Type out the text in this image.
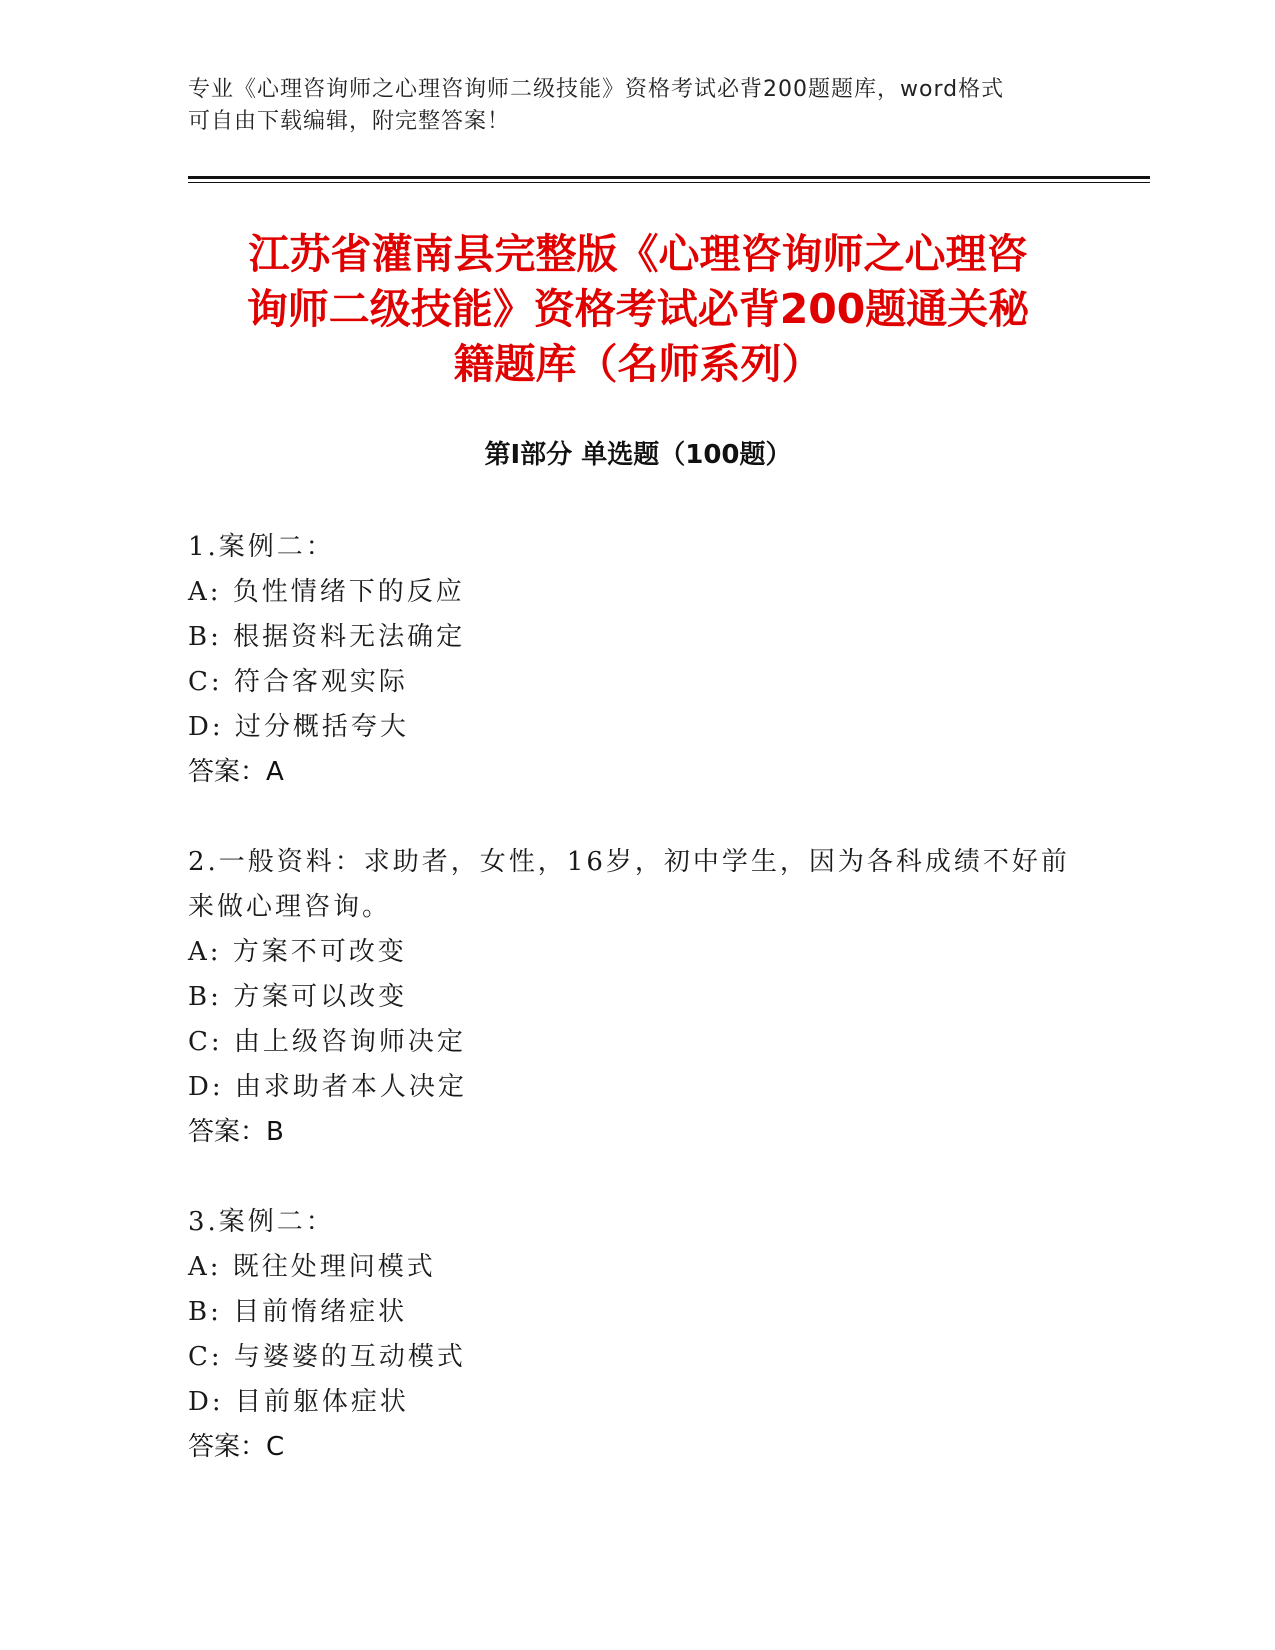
专业《心理咨询师之心理咨询师二级技能》资格考试必背200题题库，word格式
可自由下载编辑，附完整答案！
江苏省灌南县完整版《心理咨询师之心理咨
询师二级技能》资格考试必背200题通关秘
籍题库（名师系列）
第Ⅰ部分 单选题（100题）
1.案例二：
A: 负性情绪下的反应
B: 根据资料无法确定
C: 符合客观实际
D: 过分概括夸大
答案：A
2.一般资料：求助者，女性，16岁，初中学生，因为各科成绩不好前
来做心理咨询。
A: 方案不可改变
B: 方案可以改变
C: 由上级咨询师决定
D: 由求助者本人决定
答案：B
3.案例二：
A: 既往处理问模式
B: 目前惰绪症状
C: 与婆婆的互动模式
D: 目前躯体症状
答案：C
